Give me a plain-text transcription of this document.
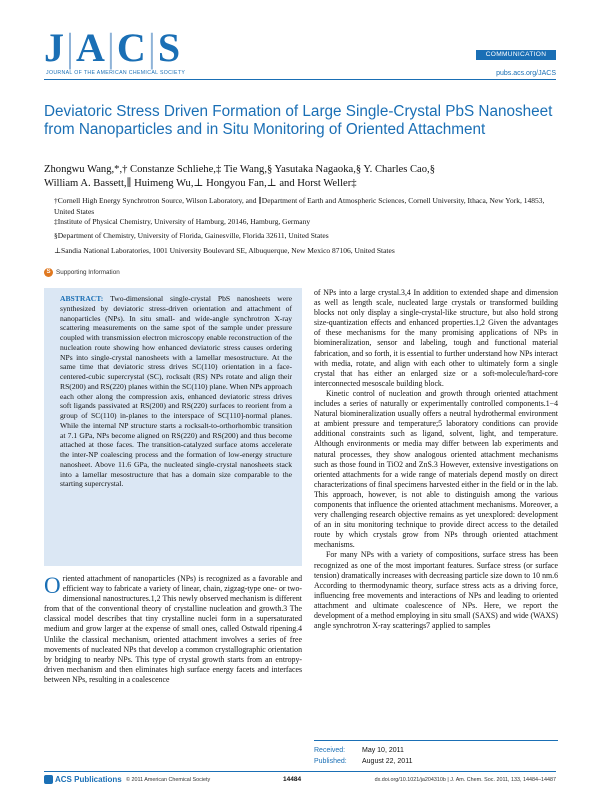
J|A|C|S
JOURNAL OF THE AMERICAN CHEMICAL SOCIETY
COMMUNICATION
pubs.acs.org/JACS
Deviatoric Stress Driven Formation of Large Single-Crystal PbS Nanosheet from Nanoparticles and in Situ Monitoring of Oriented Attachment
Zhongwu Wang,*,† Constanze Schliehe,‡ Tie Wang,§ Yasutaka Nagaoka,§ Y. Charles Cao,§
William A. Bassett,∥ Huimeng Wu,⊥ Hongyou Fan,⊥ and Horst Weller‡
†Cornell High Energy Synchrotron Source, Wilson Laboratory, and ∥Department of Earth and Atmospheric Sciences, Cornell University, Ithaca, New York, 14853, United States
‡Institute of Physical Chemistry, University of Hamburg, 20146, Hamburg, Germany
§Department of Chemistry, University of Florida, Gainesville, Florida 32611, United States
⊥Sandia National Laboratories, 1001 University Boulevard SE, Albuquerque, New Mexico 87106, United States
S Supporting Information
ABSTRACT: Two-dimensional single-crystal PbS nanosheets were synthesized by deviatoric stress-driven orientation and attachment of nanoparticles (NPs). In situ small- and wide-angle synchrotron X-ray scattering measurements on the same spot of the sample under pressure coupled with transmission electron microscopy enable reconstruction of the nucleation route showing how enhanced deviatoric stress causes ordering NPs into single-crystal nanosheets with a lamellar mesostructure. At the same time that deviatoric stress drives SC(110) orientation in a face-centered-cubic supercrystal (SC), rocksalt (RS) NPs rotate and align their RS(200) and RS(220) planes within the SC(110) plane. When NPs approach each other along the compression axis, enhanced deviatoric stress drives soft ligands passivated at RS(200) and RS(220) surfaces to reorient from a group of SC(110) in-planes to the interspace of SC[110]-normal planes. While the internal NP structure starts a rocksalt-to-orthorhombic transition at 7.1 GPa, NPs become aligned on RS(220) and RS(200) and thus become attached at those faces. The transition-catalyzed surface atoms accelerate the inter-NP coalescing process and the formation of low-energy structure nanosheet. Above 11.6 GPa, the nucleated single-crystal nanosheets stack into a lamellar mesostructure that has a domain size comparable to the starting supercrystal.
Oriented attachment of nanoparticles (NPs) is recognized as a favorable and efficient way to fabricate a variety of linear, chain, zigzag-type one- or two-dimensional nanostructures.1,2 This newly observed mechanism is different from that of the conventional theory of crystalline nucleation and growth.3 The classical model describes that tiny crystalline nuclei form in a supersaturated medium and grow larger at the expense of small ones, called Ostwald ripening.4 Unlike the classical mechanism, oriented attachment involves a series of free movements of nucleated NPs that develop a common crystallographic orientation by bridging to nearby NPs. This type of crystal growth starts from an entropy-driven mechanism and then eliminates high surface energy facets and interfaces between NPs, resulting in a coalescence

of NPs into a large crystal.3,4 In addition to extended shape and dimension as well as length scale, nucleated large crystals or transformed building blocks not only display a single-crystal-like structure, but also hold strong size-quantization effects and enhanced properties.1,2 Given the advantages of these mechanisms for the many promising applications of NPs in biomineralization, sensor and labeling, tough and functional material fabrication, and so forth, it is essential to further understand how NPs interact with media, rotate, and align with each other to ultimately form a single crystal that has either an enlarged size or a soft-molecule/hard-core interconnected mesoscale building block.

Kinetic control of nucleation and growth through oriented attachment includes a series of naturally or experimentally controlled components.1−4 Natural biomineralization usually offers a neutral hydrothermal environment at ambient pressure and temperature;5 laboratory conditions can provide additional constraints such as ligand, solvent, light, and temperature. Although environments or media may differ between lab experiments and natural processes, they show analogous oriented attachment mechanisms such as those found in TiO2 and ZnS.3 However, extensive investigations on oriented attachments for a wide range of materials depend mostly on direct characterizations of final specimens harvested either in the field or in the lab. This approach, however, is not able to distinguish among the various components that influence the oriented attachment mechanisms. Moreover, a very challenging research objective remains as yet unexplored: development of an in situ monitoring technique to provide direct access to the detailed route by which crystals grow from NPs through oriented attachment mechanisms.

For many NPs with a variety of compositions, surface stress has been recognized as one of the most important features. Surface stress (or surface tension) dramatically increases with decreasing particle size down to 10 nm.6 According to thermodynamic theory, surface stress acts as a driving force, influencing free movements and interactions of NPs and leading to oriented attachment and ultimate coalescence of NPs. Here, we report the development of a method employing in situ small (SAXS) and wide (WAXS) angle synchrotron X-ray scatterings7 applied to samples

Received: May 10, 2011
Published: August 22, 2011
ACS Publications © 2011 American Chemical Society	14484	dx.doi.org/10.1021/ja204310b | J. Am. Chem. Soc. 2011, 133, 14484–14487
